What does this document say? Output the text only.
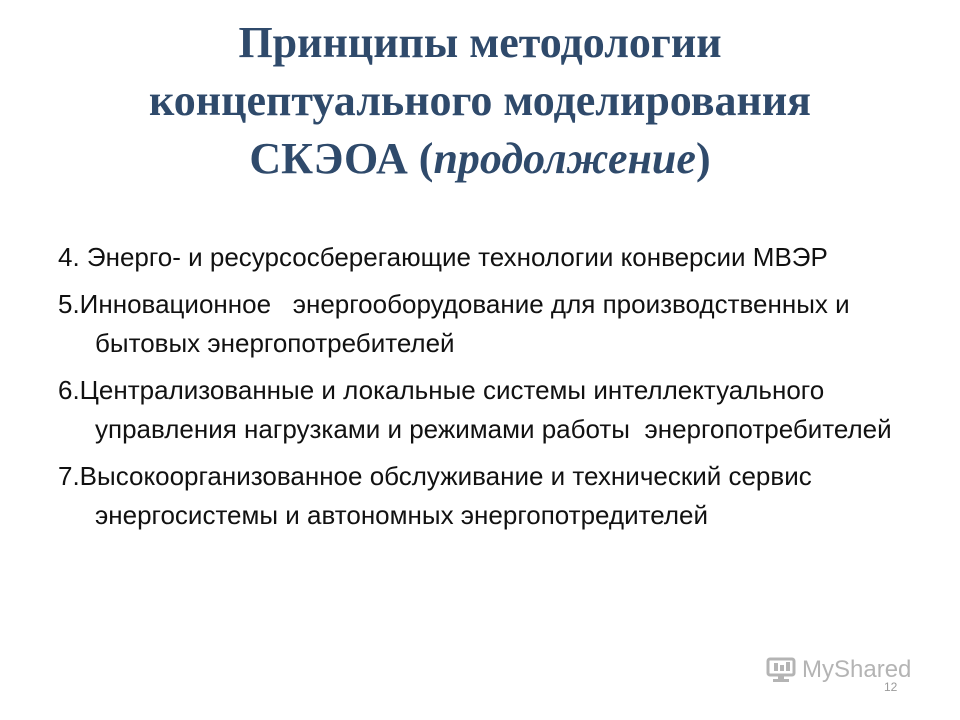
Принципы методологии
концептуального моделирования
СКЭОА (продолжение)
4. Энерго- и ресурсосберегающие технологии конверсии МВЭР
5.Инновационное   энергооборудование для производственных и бытовых энергопотребителей
6.Централизованные и локальные системы интеллектуального управления нагрузками и режимами работы  энергопотребителей
7.Высокоорганизованное обслуживание и технический сервис энергосистемы и автономных энергопотредителей
MyShared
12
